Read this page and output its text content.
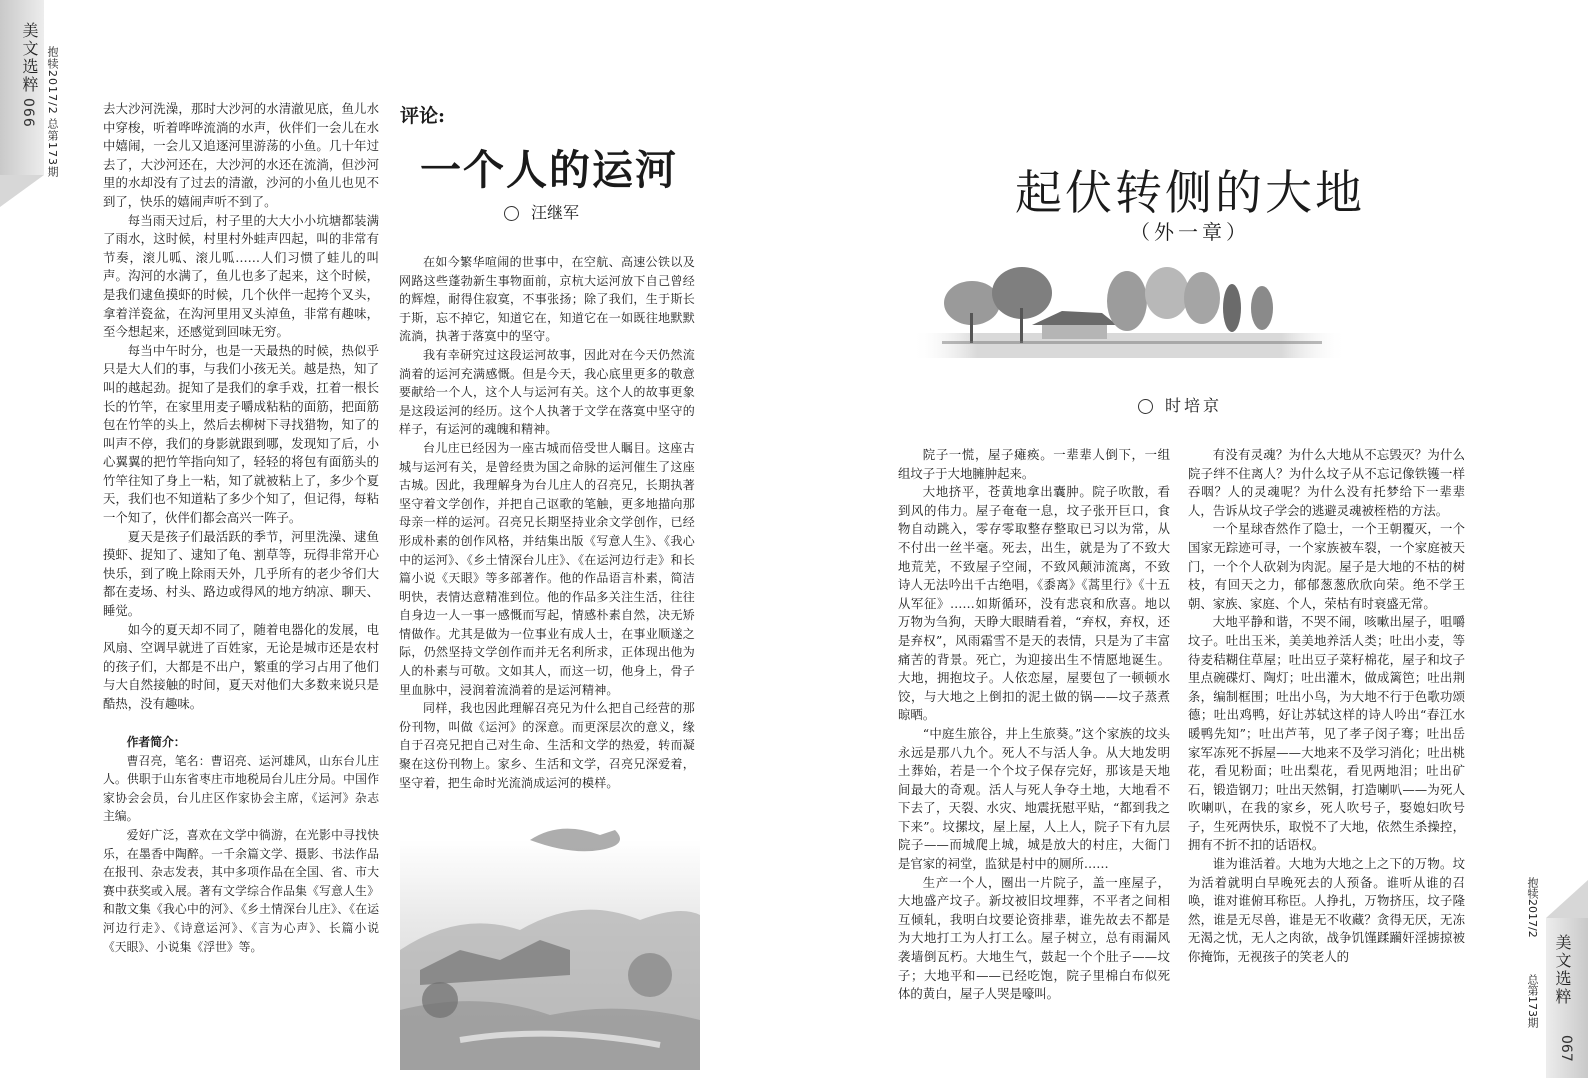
美文选粹
066 抱犊2017/2
总第173期

去大沙河洗澡，那时大沙河的水清澈见底，鱼儿水中穿梭，听着哗哗流淌的水声，伙伴们一会儿在水中嬉闹，一会儿又追逐河里游荡的小鱼。几十年过去了，大沙河还在，大沙河的水还在流淌，但沙河里的水却没有了过去的清澈，沙河的小鱼儿也见不到了，快乐的嬉闹声听不到了。

每当雨天过后，村子里的大大小小坑塘都装满了雨水，这时候，村里村外蛙声四起，叫的非常有节奏，滚儿呱、滚儿呱……人们习惯了蛙儿的叫声。沟河的水满了，鱼儿也多了起来，这个时候，是我们逮鱼摸虾的时候，几个伙伴一起挎个叉头，拿着洋瓷盆，在沟河里用叉头淖鱼，非常有趣味，至今想起来，还感觉到回味无穷。

每当中午时分，也是一天最热的时候，热似乎只是大人们的事，与我们小孩无关。越是热，知了叫的越起劲。捉知了是我们的拿手戏，扛着一根长长的竹竿，在家里用麦子嚼成粘粘的面筋，把面筋包在竹竿的头上，然后去柳树下寻找猎物，知了的叫声不停，我们的身影就跟到哪，发现知了后，小心翼翼的把竹竿指向知了，轻轻的将包有面筋头的竹竿往知了身上一粘，知了就被粘上了，多少个夏天，我们也不知道粘了多少个知了，但记得，每粘一个知了，伙伴们都会高兴一阵子。

夏天是孩子们最活跃的季节，河里洗澡、逮鱼摸虾、捉知了、逮知了龟、割草等，玩得非常开心快乐，到了晚上除雨天外，几乎所有的老少爷们大都在麦场、村头、路边或得风的地方纳凉、聊天、睡觉。

如今的夏天却不同了，随着电器化的发展，电风扇、空调早就进了百姓家，无论是城市还是农村的孩子们，大都是不出户，繁重的学习占用了他们与大自然接触的时间，夏天对他们大多数来说只是酷热，没有趣味。

作者简介：

曹召亮，笔名：曹诏亮、运河雄风，山东台儿庄人。供职于山东省枣庄市地税局台儿庄分局。中国作家协会会员，台儿庄区作家协会主席，《运河》杂志主编。

爱好广泛，喜欢在文学中徜游，在光影中寻找快乐，在墨香中陶醉。一千余篇文学、摄影、书法作品在报刊、杂志发表，其中多项作品在全国、省、市大赛中获奖或入展。著有文学综合作品集《写意人生》和散文集《我心中的河》、《乡土情深台儿庄》、《在运河边行走》、《诗意运河》、《言为心声》、长篇小说《天眼》、小说集《浮世》等。

评论:
一个人的运河
汪继军

在如今繁华喧闹的世事中，在空航、高速公铁以及网路这些蓬勃新生事物面前，京杭大运河放下自己曾经的辉煌，耐得住寂寞，不事张扬；除了我们，生于斯长于斯，忘不掉它，知道它在，知道它在一如既往地默默流淌，执著于落寞中的坚守。

我有幸研究过这段运河故事，因此对在今天仍然流淌着的运河充满感慨。但是今天，我心底里更多的敬意要献给一个人，这个人与运河有关。这个人的故事更象是这段运河的经历。这个人执著于文学在落寞中坚守的样子，有运河的魂魄和精神。

台儿庄已经因为一座古城而倍受世人瞩目。这座古城与运河有关，是曾经贵为国之命脉的运河催生了这座古城。因此，我理解身为台儿庄人的召亮兄，长期执著坚守着文学创作，并把自己讴歌的笔触，更多地描向那母亲一样的运河。召亮兄长期坚持业余文学创作，已经形成朴素的创作风格，并结集出版《写意人生》、《我心中的运河》、《乡土情深台儿庄》、《在运河边行走》和长篇小说《天眼》等多部著作。他的作品语言朴素，简洁明快，表情达意精准到位。他的作品多关注生活，往往自身边一人一事一感慨而写起，情感朴素自然，决无矫情做作。尤其是做为一位事业有成人士，在事业顺遂之际，仍然坚持文学创作而并无名利所求，正体现出他为人的朴素与可敬。文如其人，而这一切，他身上，骨子里血脉中，浸润着流淌着的是运河精神。

同样，我也因此理解召亮兄为什么把自己经营的那份刊物，叫做《运河》的深意。而更深层次的意义，缘自于召亮兄把自己对生命、生活和文学的热爱，转而凝聚在这份刊物上。家乡、生活和文学，召亮兄深爱着，坚守着，把生命时光流淌成运河的模样。

起伏转侧的大地
（外一章）
时培京

院子一慌，屋子瘫痪。一辈辈人倒下，一组组坟子于大地臃肿起来。

大地挤平，苍黄地拿出囊肿。院子吹散，看到风的伟力。屋子奄奄一息，坟子张开巨口，食物自动跳入，零存零取整存整取已习以为常，从不付出一丝半毫。死去，出生，就是为了不致大地荒芜，不致屋子空闹，不致风颠沛流离，不致诗人无法吟出千古绝唱，《黍离》《蒿里行》《十五从军征》……如斯循环，没有悲哀和欣喜。地以万物为刍狗，天睁大眼睛看着，“弃权，弃权，还是弃权”，风雨霜雪不是天的表情，只是为了丰富痛苦的背景。死亡，为迎接出生不情愿地诞生。大地，拥抱坟子。人依恋屋，屋要包了一顿顿水饺，与大地之上倒扣的泥土做的锅——坟子蒸煮晾晒。

“中庭生旅谷，井上生旅葵。”这个家族的坟头永远是那八九个。死人不与活人争。从大地发明土葬始，若是一个个坟子保存完好，那该是天地间最大的奇观。活人与死人争夺土地，大地看不下去了，天裂、水灾、地震抚慰平贴，“都到我之下来”。坟摞坟，屋上屋，人上人，院子下有九层院子——而城爬上城，城是放大的村庄，大衙门是官家的祠堂，监狱是村中的厕所……

生产一个人，圈出一片院子，盖一座屋子，大地盛产坟子。新坟被旧坟埋葬，不平者之间相互倾轧，我明白坟要论资排辈，谁先故去不都是为大地打工为人打工么。屋子树立，总有雨漏风袭墙倒瓦朽。大地生气，鼓起一个个肚子——坟子；大地平和——已经吃饱，院子里棉白布似死体的黄白，屋子人哭是嚎叫。

有没有灵魂？为什么大地从不忘毁灭？为什么院子绊不住离人？为什么坟子从不忘记像铁镬一样吞咽？人的灵魂呢？为什么没有托梦给下一辈辈人，告诉从坟子学会的逃避灵魂被桎梏的方法。

一个星球杳然作了隐士，一个王朝覆灭，一个国家无踪迹可寻，一个家族被车裂，一个家庭被天门，一个个人砍剁为肉泥。屋子是大地的不枯的树枝，有回天之力，郁郁葱葱欣欣向荣。绝不学王朝、家族、家庭、个人，荣枯有时衰盛无常。

大地平静和谐，不哭不闹，咳嗽出屋子，咀嚼坟子。吐出玉米，美美地养活人类；吐出小麦，等待麦秸糊住草屋；吐出豆子菜籽棉花，屋子和坟子里点碗碟灯、陶灯；吐出灌木，做成篱笆；吐出荆条，编制框围；吐出小鸟，为大地不行于色歌功颂德；吐出鸡鸭，好让苏轼这样的诗人吟出“春江水暖鸭先知”；吐出芦苇，见了孝子闵子骞；吐出岳家军冻死不拆屋——大地来不及学习消化；吐出桃花，看见粉面；吐出梨花，看见两地泪；吐出矿石，锻造钢刀；吐出天然铜，打造喇叭——为死人吹喇叭，在我的家乡，死人吹号子，娶媳妇吹号子，生死两快乐，取悦不了大地，依然生杀操控，拥有不折不扣的话语权。

谁为谁活着。大地为大地之上之下的万物。坟为活着就明白早晚死去的人预备。谁听从谁的召唤，谁对谁俯耳称臣。人挣扎，万物挤压，坟子隆然，谁是无尽兽，谁是无不收藏？贪得无厌，无冻无渴之忧，无人之肉欲，战争饥馑蹂躏奸淫掳掠被你掩饰，无视孩子的笑老人的	美文选粹
067
抱犊2017/2
总第173期
